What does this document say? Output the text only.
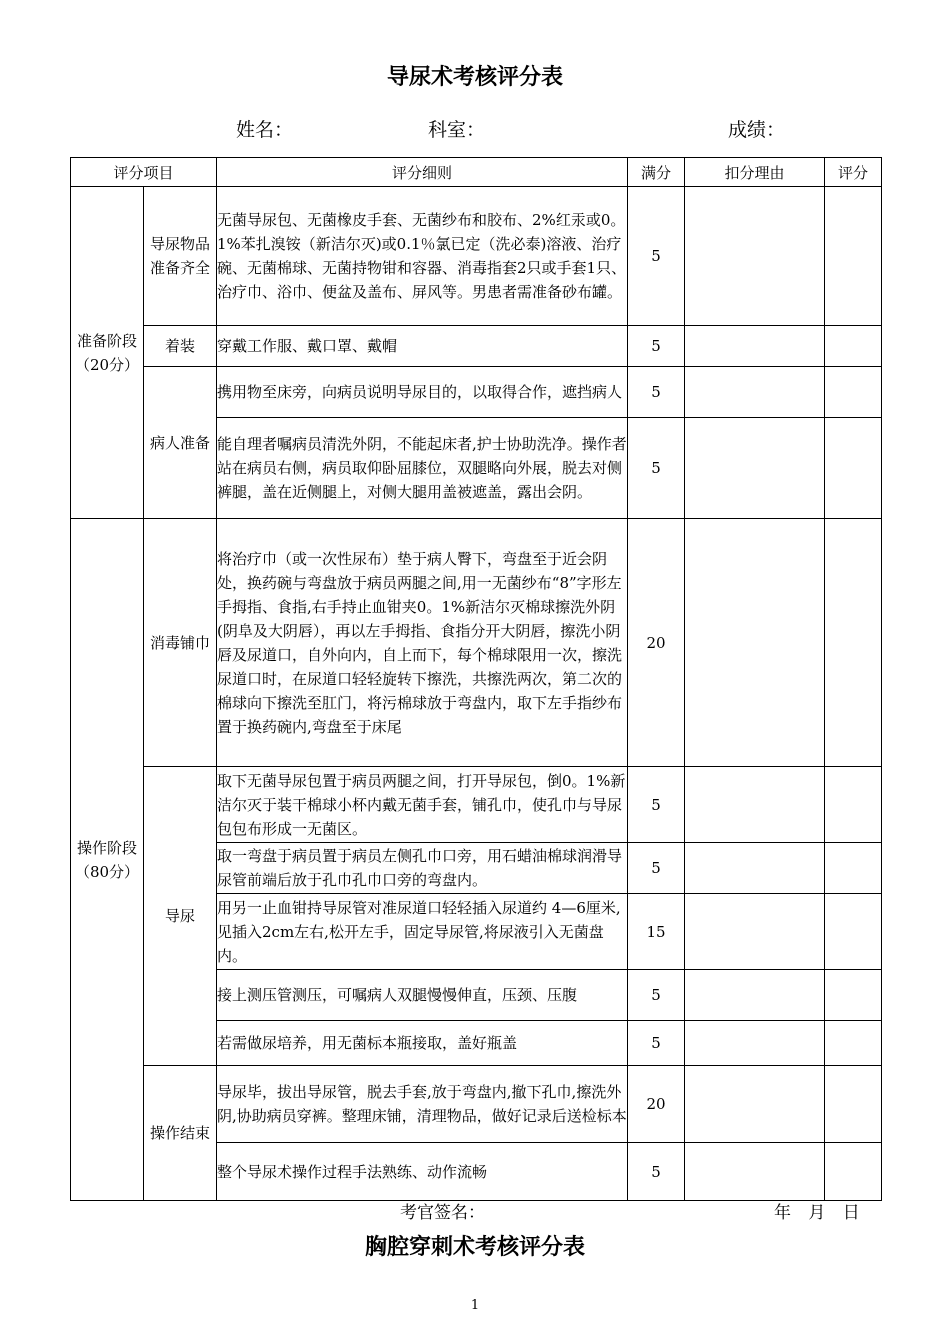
导尿术考核评分表
姓名：	科室：	成绩：
评分项目		评分细则	满分	扣分理由	评分
准备阶段（20分）	导尿物品准备齐全	无菌导尿包、无菌橡皮手套、无菌纱布和胶布、2%红汞或0。1%苯扎溴铵（新洁尔灭)或0.1％氯已定（洗必泰)溶液、治疗碗、无菌棉球、无菌持物钳和容器、消毒指套2只或手套1只、治疗巾、浴巾、便盆及盖布、屏风等。男患者需准备砂布罐。	5		
	着装	穿戴工作服、戴口罩、戴帽	5		
	病人准备	携用物至床旁，向病员说明导尿目的，以取得合作，遮挡病人	5		
		能自理者嘱病员清洗外阴，不能起床者,护士协助洗净。操作者站在病员右侧，病员取仰卧屈膝位，双腿略向外展，脱去对侧裤腿，盖在近侧腿上，对侧大腿用盖被遮盖，露出会阴。	5		
操作阶段（80分）	消毒铺巾	将治疗巾（或一次性尿布）垫于病人臀下，弯盘至于近会阴处，换药碗与弯盘放于病员两腿之间,用一无菌纱布“8”字形左手拇指、食指,右手持止血钳夹0。1%新洁尔灭棉球擦洗外阴 (阴阜及大阴唇），再以左手拇指、食指分开大阴唇，擦洗小阴唇及尿道口，自外向内，自上而下，每个棉球限用一次，擦洗尿道口时，在尿道口轻轻旋转下擦洗，共擦洗两次，第二次的棉球向下擦洗至肛门，将污棉球放于弯盘内，取下左手指纱布置于换药碗内,弯盘至于床尾	20		
	导尿	取下无菌导尿包置于病员两腿之间，打开导尿包，倒0。1%新洁尔灭于装干棉球小杯内戴无菌手套，铺孔巾，使孔巾与导尿包包布形成一无菌区。	5		
		取一弯盘于病员置于病员左侧孔巾口旁，用石蜡油棉球润滑导尿管前端后放于孔巾孔巾口旁的弯盘内。	5		
		用另一止血钳持导尿管对准尿道口轻轻插入尿道约 4—6厘米,见插入2cm左右,松开左手，固定导尿管,将尿液引入无菌盘内。	15		
		接上测压管测压，可嘱病人双腿慢慢伸直，压颈、压腹	5		
		若需做尿培养，用无菌标本瓶接取，盖好瓶盖	5		
	操作结束	导尿毕，拔出导尿管，脱去手套,放于弯盘内,撤下孔巾,擦洗外阴,协助病员穿裤。整理床铺，清理物品，做好记录后送检标本	20		
		整个导尿术操作过程手法熟练、动作流畅	5		
考官签名：	年 月 日
胸腔穿刺术考核评分表
1
